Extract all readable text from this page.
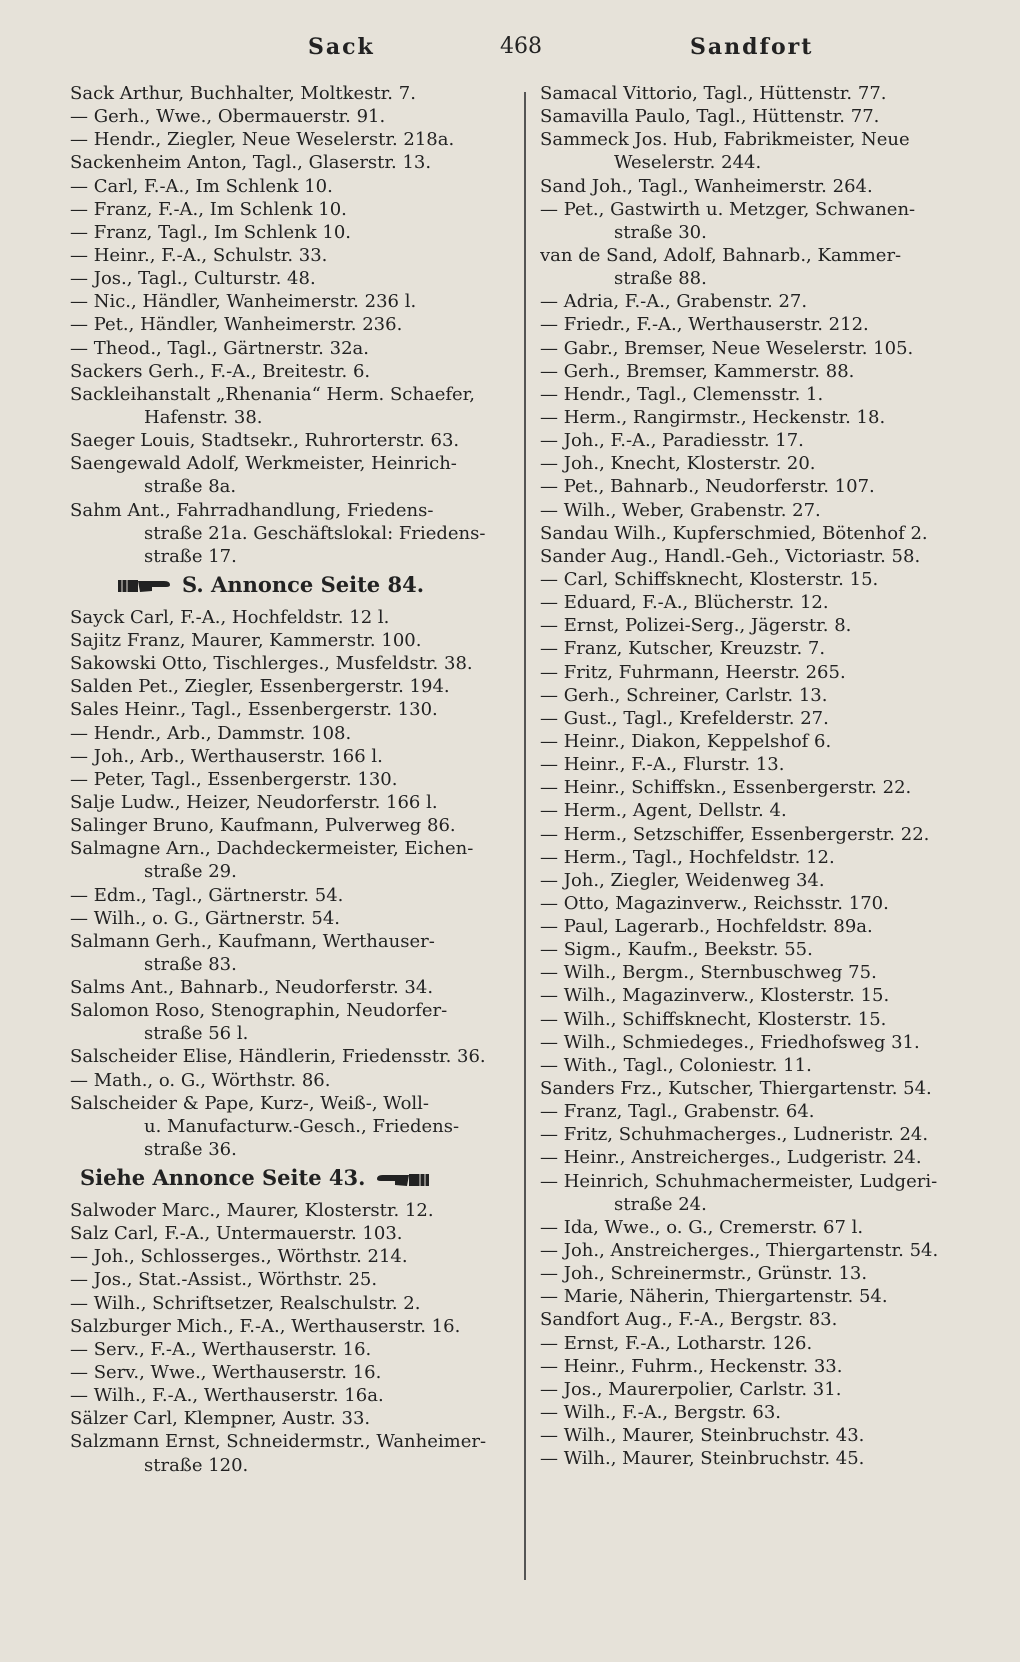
Sack	468	Sandfort
Sack Arthur, Buchhalter, Moltkestr. 7.
— Gerh., Wwe., Obermauerstr. 91.
— Hendr., Ziegler, Neue Weselerstr. 218a.
Sackenheim Anton, Tagl., Glaserstr. 13.
— Carl, F.-A., Im Schlenk 10.
— Franz, F.-A., Im Schlenk 10.
— Franz, Tagl., Im Schlenk 10.
— Heinr., F.-A., Schulstr. 33.
— Jos., Tagl., Culturstr. 48.
— Nic., Händler, Wanheimerstr. 236 l.
— Pet., Händler, Wanheimerstr. 236.
— Theod., Tagl., Gärtnerstr. 32a.
Sackers Gerh., F.-A., Breitestr. 6.
Sackleihanstalt „Rhenania“ Herm. Schaefer,
Hafenstr. 38.
Saeger Louis, Stadtsekr., Ruhrorterstr. 63.
Saengewald Adolf, Werkmeister, Heinrich-
straße 8a.
Sahm Ant., Fahrradhandlung, Friedens-
straße 21a. Geschäftslokal: Friedens-
straße 17.
S. Annonce Seite 84.
Sayck Carl, F.-A., Hochfeldstr. 12 l.
Sajitz Franz, Maurer, Kammerstr. 100.
Sakowski Otto, Tischlerges., Musfeldstr. 38.
Salden Pet., Ziegler, Essenbergerstr. 194.
Sales Heinr., Tagl., Essenbergerstr. 130.
— Hendr., Arb., Dammstr. 108.
— Joh., Arb., Werthauserstr. 166 l.
— Peter, Tagl., Essenbergerstr. 130.
Salje Ludw., Heizer, Neudorferstr. 166 l.
Salinger Bruno, Kaufmann, Pulverweg 86.
Salmagne Arn., Dachdeckermeister, Eichen-
straße 29.
— Edm., Tagl., Gärtnerstr. 54.
— Wilh., o. G., Gärtnerstr. 54.
Salmann Gerh., Kaufmann, Werthauser-
straße 83.
Salms Ant., Bahnarb., Neudorferstr. 34.
Salomon Roso, Stenographin, Neudorfer-
straße 56 l.
Salscheider Elise, Händlerin, Friedensstr. 36.
— Math., o. G., Wörthstr. 86.
Salscheider & Pape, Kurz-, Weiß-, Woll-
u. Manufacturw.-Gesch., Friedens-
straße 36.
Siehe Annonce Seite 43.
Salwoder Marc., Maurer, Klosterstr. 12.
Salz Carl, F.-A., Untermauerstr. 103.
— Joh., Schlosserges., Wörthstr. 214.
— Jos., Stat.-Assist., Wörthstr. 25.
— Wilh., Schriftsetzer, Realschulstr. 2.
Salzburger Mich., F.-A., Werthauserstr. 16.
— Serv., F.-A., Werthauserstr. 16.
— Serv., Wwe., Werthauserstr. 16.
— Wilh., F.-A., Werthauserstr. 16a.
Sälzer Carl, Klempner, Austr. 33.
Salzmann Ernst, Schneidermstr., Wanheimer-
straße 120.
Samacal Vittorio, Tagl., Hüttenstr. 77.
Samavilla Paulo, Tagl., Hüttenstr. 77.
Sammeck Jos. Hub, Fabrikmeister, Neue
Weselerstr. 244.
Sand Joh., Tagl., Wanheimerstr. 264.
— Pet., Gastwirth u. Metzger, Schwanen-
straße 30.
van de Sand, Adolf, Bahnarb., Kammer-
straße 88.
— Adria, F.-A., Grabenstr. 27.
— Friedr., F.-A., Werthauserstr. 212.
— Gabr., Bremser, Neue Weselerstr. 105.
— Gerh., Bremser, Kammerstr. 88.
— Hendr., Tagl., Clemensstr. 1.
— Herm., Rangirmstr., Heckenstr. 18.
— Joh., F.-A., Paradiesstr. 17.
— Joh., Knecht, Klosterstr. 20.
— Pet., Bahnarb., Neudorferstr. 107.
— Wilh., Weber, Grabenstr. 27.
Sandau Wilh., Kupferschmied, Bötenhof 2.
Sander Aug., Handl.-Geh., Victoriastr. 58.
— Carl, Schiffsknecht, Klosterstr. 15.
— Eduard, F.-A., Blücherstr. 12.
— Ernst, Polizei-Serg., Jägerstr. 8.
— Franz, Kutscher, Kreuzstr. 7.
— Fritz, Fuhrmann, Heerstr. 265.
— Gerh., Schreiner, Carlstr. 13.
— Gust., Tagl., Krefelderstr. 27.
— Heinr., Diakon, Keppelshof 6.
— Heinr., F.-A., Flurstr. 13.
— Heinr., Schiffskn., Essenbergerstr. 22.
— Herm., Agent, Dellstr. 4.
— Herm., Setzschiffer, Essenbergerstr. 22.
— Herm., Tagl., Hochfeldstr. 12.
— Joh., Ziegler, Weidenweg 34.
— Otto, Magazinverw., Reichsstr. 170.
— Paul, Lagerarb., Hochfeldstr. 89a.
— Sigm., Kaufm., Beekstr. 55.
— Wilh., Bergm., Sternbuschweg 75.
— Wilh., Magazinverw., Klosterstr. 15.
— Wilh., Schiffsknecht, Klosterstr. 15.
— Wilh., Schmiedeges., Friedhofsweg 31.
— With., Tagl., Coloniestr. 11.
Sanders Frz., Kutscher, Thiergartenstr. 54.
— Franz, Tagl., Grabenstr. 64.
— Fritz, Schuhmacherges., Ludneristr. 24.
— Heinr., Anstreicherges., Ludgeristr. 24.
— Heinrich, Schuhmachermeister, Ludgeri-
straße 24.
— Ida, Wwe., o. G., Cremerstr. 67 l.
— Joh., Anstreicherges., Thiergartenstr. 54.
— Joh., Schreinermstr., Grünstr. 13.
— Marie, Näherin, Thiergartenstr. 54.
Sandfort Aug., F.-A., Bergstr. 83.
— Ernst, F.-A., Lotharstr. 126.
— Heinr., Fuhrm., Heckenstr. 33.
— Jos., Maurerpolier, Carlstr. 31.
— Wilh., F.-A., Bergstr. 63.
— Wilh., Maurer, Steinbruchstr. 43.
— Wilh., Maurer, Steinbruchstr. 45.
